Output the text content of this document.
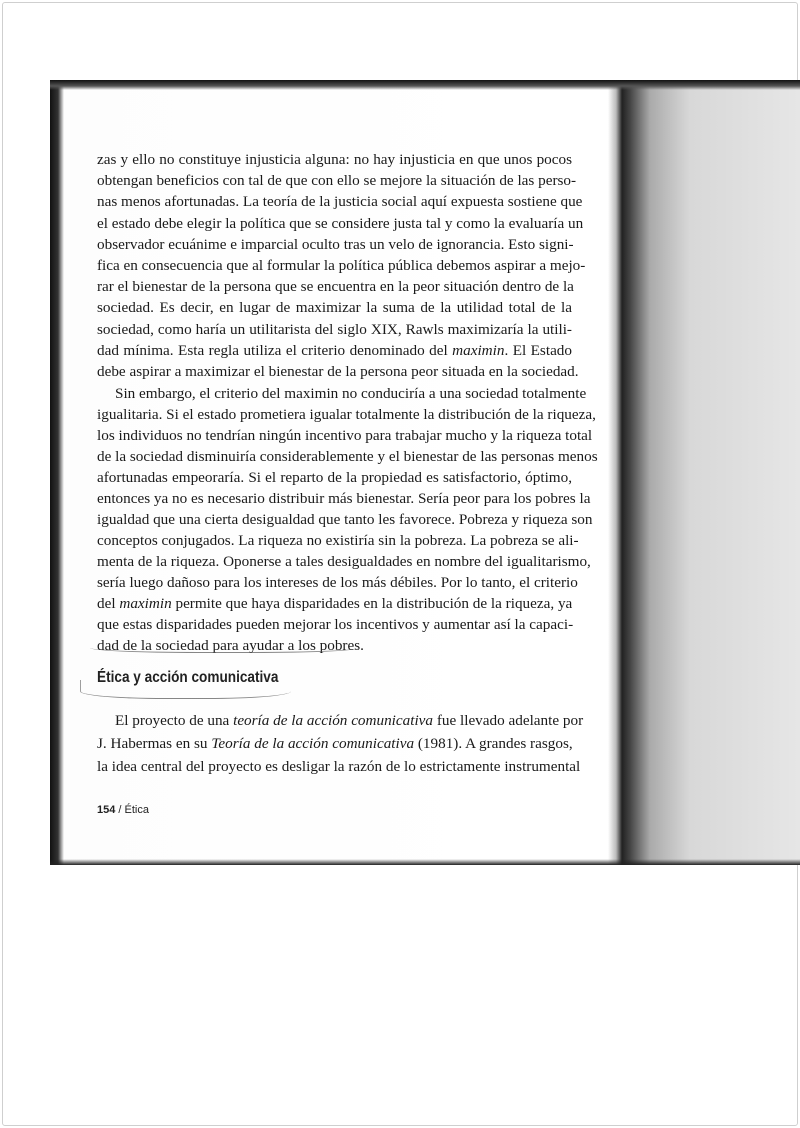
zas y ello no constituye injusticia alguna: no hay injusticia en que unos pocos
obtengan beneficios con tal de que con ello se mejore la situación de las perso-
nas menos afortunadas. La teoría de la justicia social aquí expuesta sostiene que
el estado debe elegir la política que se considere justa tal y como la evaluaría un
observador ecuánime e imparcial oculto tras un velo de ignorancia. Esto signi-
fica en consecuencia que al formular la política pública debemos aspirar a mejo-
rar el bienestar de la persona que se encuentra en la peor situación dentro de la
sociedad. Es decir, en lugar de maximizar la suma de la utilidad total de la
sociedad, como haría un utilitarista del siglo XIX, Rawls maximizaría la utili-
dad mínima. Esta regla utiliza el criterio denominado del maximin. El Estado
debe aspirar a maximizar el bienestar de la persona peor situada en la sociedad.
Sin embargo, el criterio del maximin no conduciría a una sociedad totalmente
igualitaria. Si el estado prometiera igualar totalmente la distribución de la riqueza,
los individuos no tendrían ningún incentivo para trabajar mucho y la riqueza total
de la sociedad disminuiría considerablemente y el bienestar de las personas menos
afortunadas empeoraría. Si el reparto de la propiedad es satisfactorio, óptimo,
entonces ya no es necesario distribuir más bienestar. Sería peor para los pobres la
igualdad que una cierta desigualdad que tanto les favorece. Pobreza y riqueza son
conceptos conjugados. La riqueza no existiría sin la pobreza. La pobreza se ali-
menta de la riqueza. Oponerse a tales desigualdades en nombre del igualitarismo,
sería luego dañoso para los intereses de los más débiles. Por lo tanto, el criterio
del maximin permite que haya disparidades en la distribución de la riqueza, ya
que estas disparidades pueden mejorar los incentivos y aumentar así la capaci-
dad de la sociedad para ayudar a los pobres.
Ética y acción comunicativa
El proyecto de una teoría de la acción comunicativa fue llevado adelante por
J. Habermas en su Teoría de la acción comunicativa (1981). A grandes rasgos,
la idea central del proyecto es desligar la razón de lo estrictamente instrumental
154 / Ética
